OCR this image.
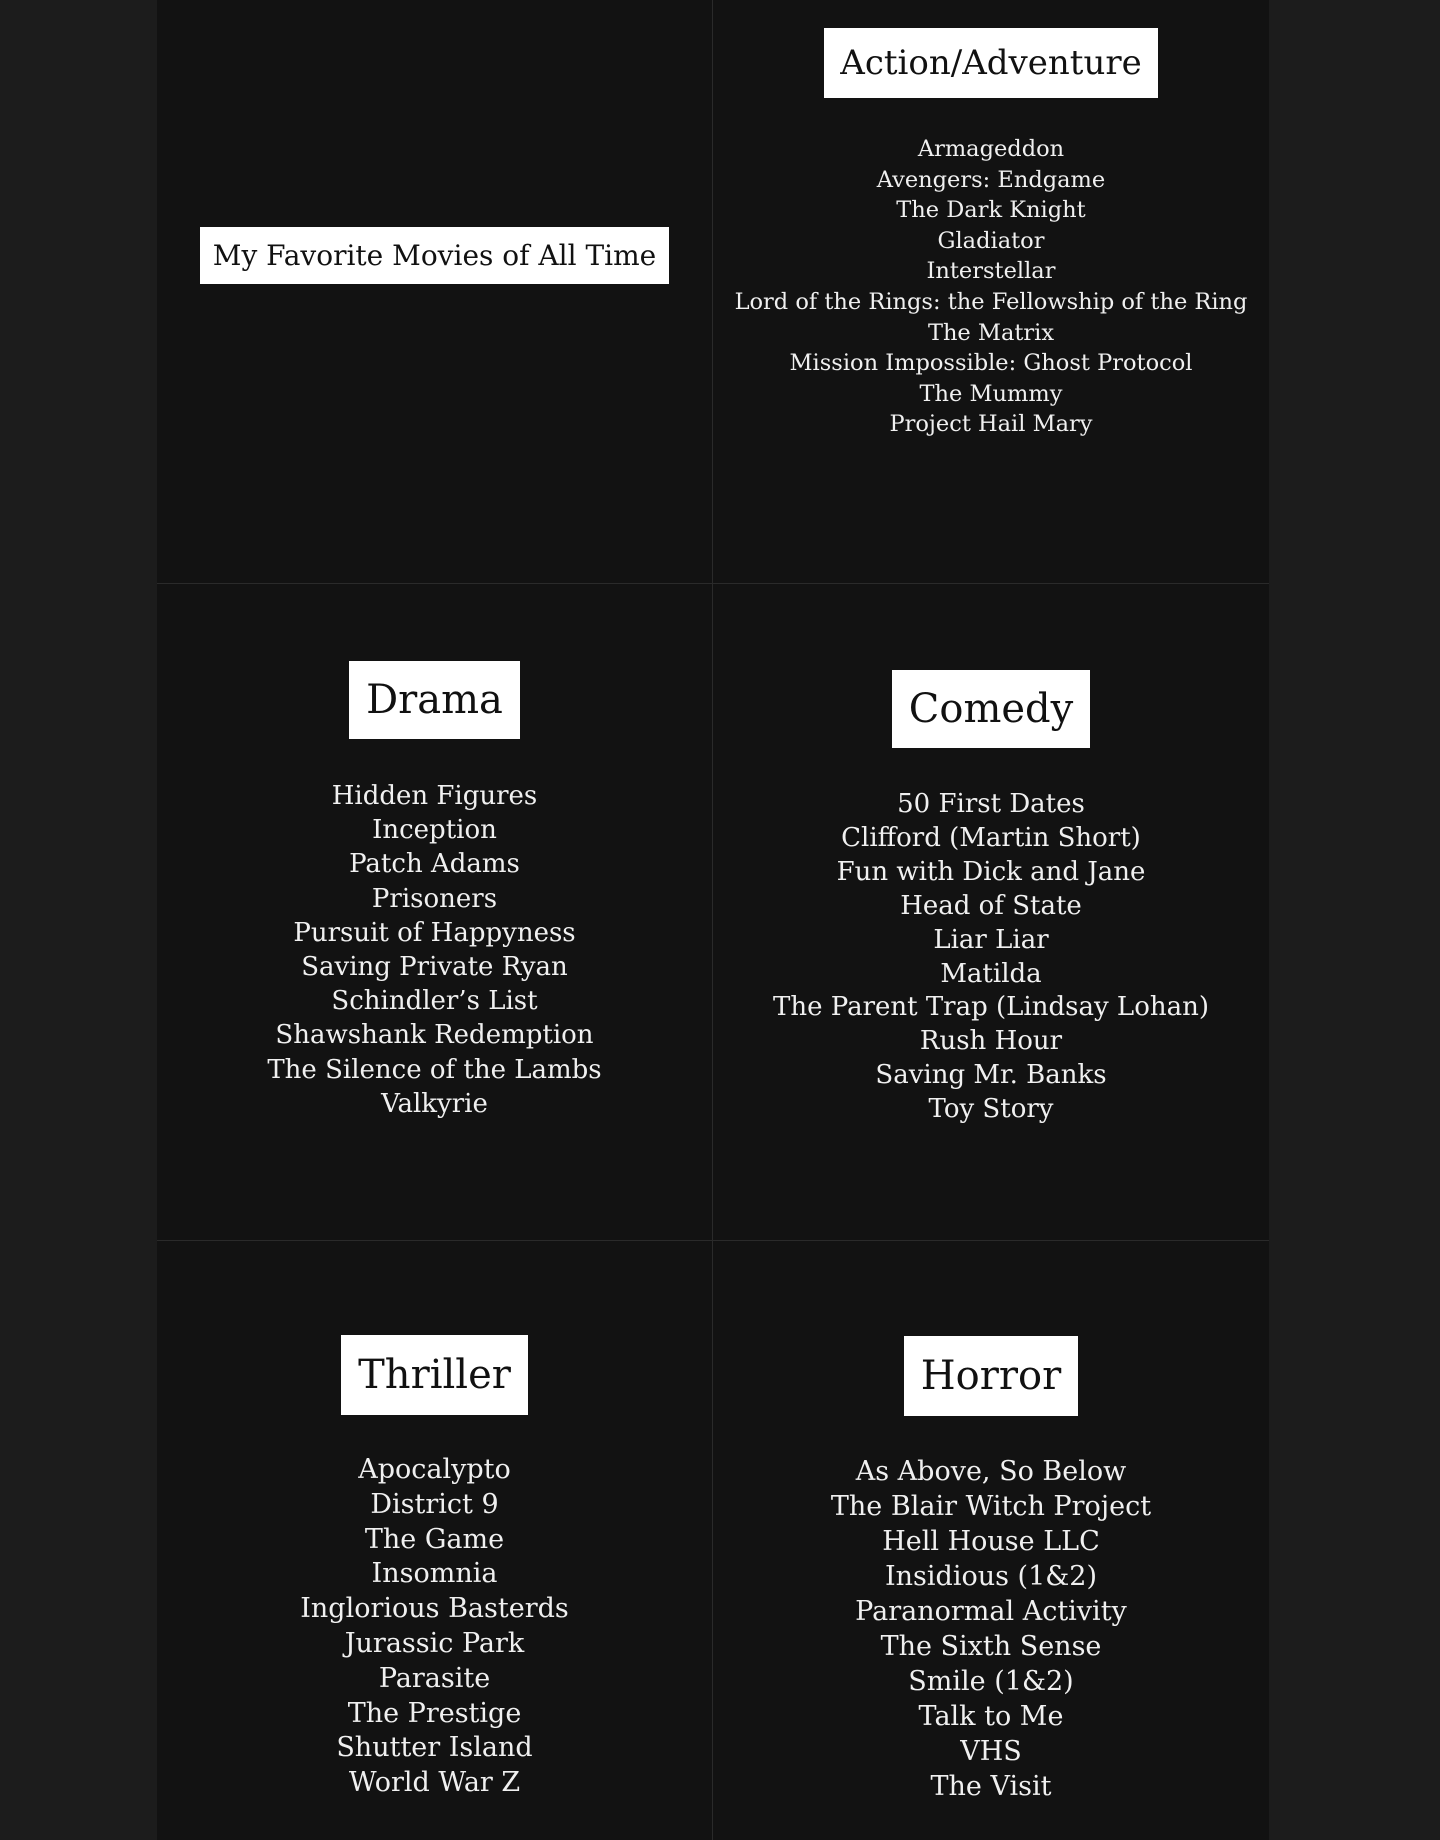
My Favorite Movies of All Time
Action/Adventure
Armageddon
Avengers: Endgame
The Dark Knight
Gladiator
Interstellar
Lord of the Rings: the Fellowship of the Ring
The Matrix
Mission Impossible: Ghost Protocol
The Mummy
Project Hail Mary
Drama
Hidden Figures
Inception
Patch Adams
Prisoners
Pursuit of Happyness
Saving Private Ryan
Schindler’s List
Shawshank Redemption
The Silence of the Lambs
Valkyrie
Comedy
50 First Dates
Clifford (Martin Short)
Fun with Dick and Jane
Head of State
Liar Liar
Matilda
The Parent Trap (Lindsay Lohan)
Rush Hour
Saving Mr. Banks
Toy Story
Thriller
Apocalypto
District 9
The Game
Insomnia
Inglorious Basterds
Jurassic Park
Parasite
The Prestige
Shutter Island
World War Z
Horror
As Above, So Below
The Blair Witch Project
Hell House LLC
Insidious (1&2)
Paranormal Activity
The Sixth Sense
Smile (1&2)
Talk to Me
VHS
The Visit
